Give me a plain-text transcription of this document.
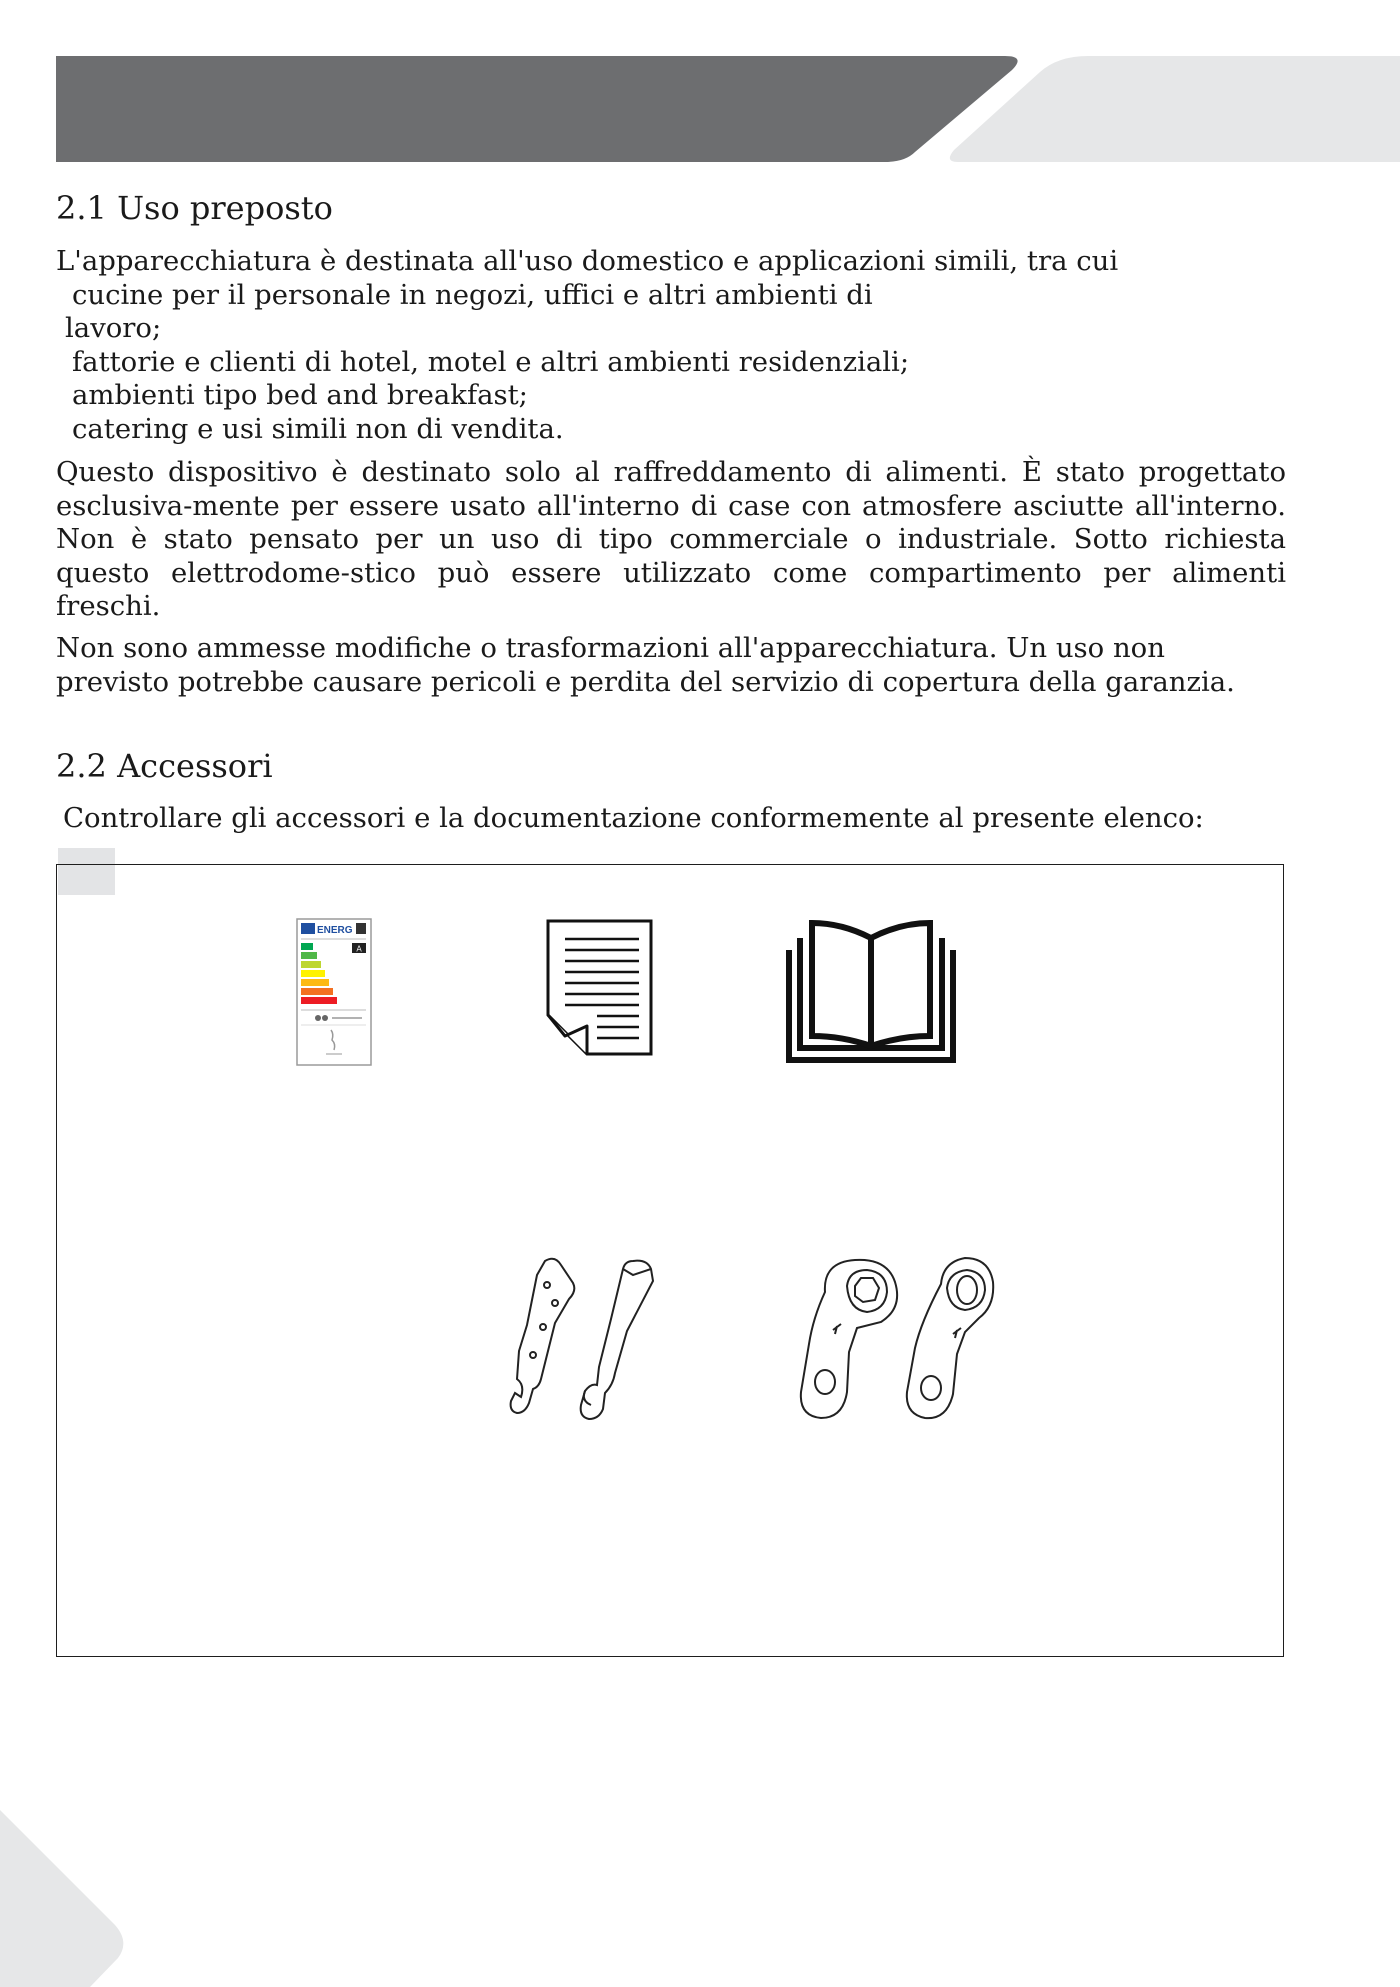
2.1 Uso preposto
L'apparecchiatura è destinata all'uso domestico e applicazioni simili, tra cui
cucine per il personale in negozi, uffici e altri ambienti di
lavoro;
fattorie e clienti di hotel, motel e altri ambienti residenziali;
ambienti tipo bed and breakfast;
catering e usi simili non di vendita.
Questo dispositivo è destinato solo al raffreddamento di alimenti. È stato progettato
esclusiva-mente per essere usato all'interno di case con atmosfere asciutte all'interno.
Non è stato pensato per un uso di tipo commerciale o industriale. Sotto richiesta
questo elettrodome-stico può essere utilizzato come compartimento per alimenti
freschi.
Non sono ammesse modifiche o trasformazioni all'apparecchiatura. Un uso non
previsto potrebbe causare pericoli e perdita del servizio di copertura della garanzia.
2.2 Accessori

Controllare gli accessori e la documentazione conformemente al presente elenco:

ENERG
A
